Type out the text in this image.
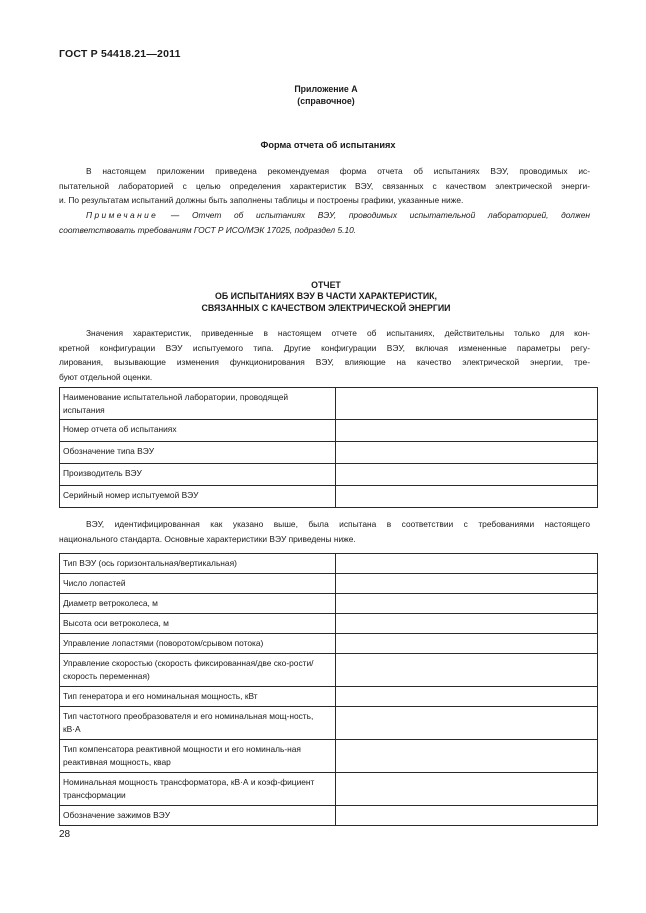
ГОСТ Р 54418.21—2011
Приложение А
(справочное)
Форма отчета об испытаниях
В настоящем приложении приведена рекомендуемая форма отчета об испытаниях ВЭУ, проводимых ис-
пытательной лабораторией с целью определения характеристик ВЭУ, связанных с качеством электрической энерги-
и. По результатам испытаний должны быть заполнены таблицы и построены графики, указанные ниже.
Примечание — Отчет об испытаниях ВЭУ, проводимых испытательной лабораторией, должен
соответствовать требованиям ГОСТ Р ИСО/МЭК 17025, подраздел 5.10.
ОТЧЕТ
ОБ ИСПЫТАНИЯХ ВЭУ В ЧАСТИ ХАРАКТЕРИСТИК,
СВЯЗАННЫХ С КАЧЕСТВОМ ЭЛЕКТРИЧЕСКОЙ ЭНЕРГИИ
Значения характеристик, приведенные в настоящем отчете об испытаниях, действительны только для кон-
кретной конфигурации ВЭУ испытуемого типа. Другие конфигурации ВЭУ, включая измененные параметры регу-
лирования, вызывающие изменения функционирования ВЭУ, влияющие на качество электрической энергии, тре-
буют отдельной оценки.
Наименование испытательной лаборатории, проводящей испытания	
Номер отчета об испытаниях	
Обозначение типа ВЭУ	
Производитель ВЭУ	
Серийный номер испытуемой ВЭУ	
ВЭУ, идентифицированная как указано выше, была испытана в соответствии с требованиями настоящего
национального стандарта. Основные характеристики ВЭУ приведены ниже.
Тип ВЭУ (ось горизонтальная/вертикальная)	
Число лопастей	
Диаметр ветроколеса, м	
Высота оси ветроколеса, м	
Управление лопастями (поворотом/срывом потока)	
Управление скоростью (скорость фиксированная/две ско-рости/ скорость переменная)	
Тип генератора и его номинальная мощность, кВт	
Тип частотного преобразователя и его номинальная мощ-ность, кВ·А	
Тип компенсатора реактивной мощности и его номиналь-ная реактивная мощность, квар	
Номинальная мощность трансформатора, кВ·А и коэф-фициент трансформации	
Обозначение зажимов ВЭУ	
28
